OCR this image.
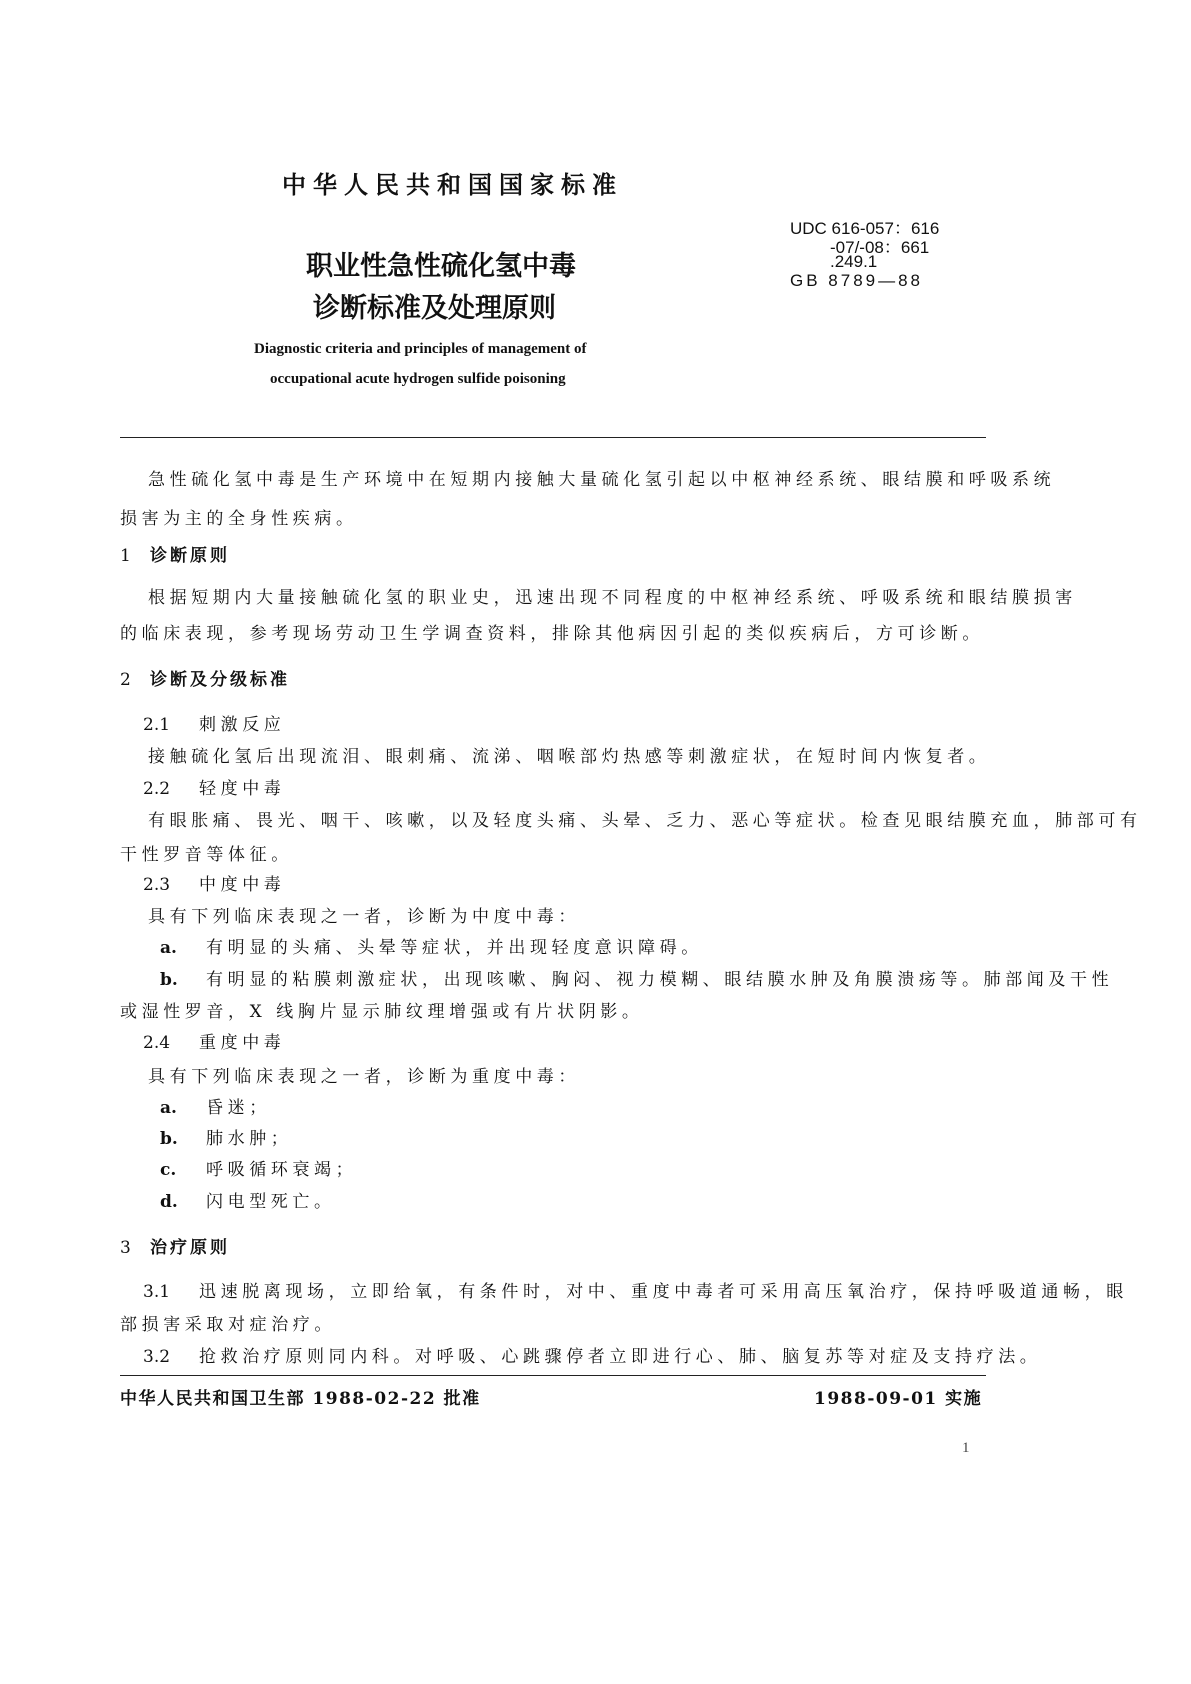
中华人民共和国国家标准
UDC 616-057：616
-07/-08：661
.249.1
GB 8789—88
职业性急性硫化氢中毒
诊断标准及处理原则
Diagnostic criteria and principles of management of
occupational acute hydrogen sulfide poisoning
急性硫化氢中毒是生产环境中在短期内接触大量硫化氢引起以中枢神经系统、眼结膜和呼吸系统
损害为主的全身性疾病。
1 诊断原则
根据短期内大量接触硫化氢的职业史，迅速出现不同程度的中枢神经系统、呼吸系统和眼结膜损害
的临床表现，参考现场劳动卫生学调查资料，排除其他病因引起的类似疾病后，方可诊断。
2 诊断及分级标准
2.1 刺激反应
接触硫化氢后出现流泪、眼刺痛、流涕、咽喉部灼热感等刺激症状，在短时间内恢复者。
2.2 轻度中毒
有眼胀痛、畏光、咽干、咳嗽，以及轻度头痛、头晕、乏力、恶心等症状。检查见眼结膜充血，肺部可有
干性罗音等体征。
2.3 中度中毒
具有下列临床表现之一者，诊断为中度中毒：
a. 有明显的头痛、头晕等症状，并出现轻度意识障碍。
b. 有明显的粘膜刺激症状，出现咳嗽、胸闷、视力模糊、眼结膜水肿及角膜溃疡等。肺部闻及干性
或湿性罗音，X 线胸片显示肺纹理增强或有片状阴影。
2.4 重度中毒
具有下列临床表现之一者，诊断为重度中毒：
a. 昏迷；
b. 肺水肿；
c. 呼吸循环衰竭；
d. 闪电型死亡。
3 治疗原则
3.1 迅速脱离现场，立即给氧，有条件时，对中、重度中毒者可采用高压氧治疗，保持呼吸道通畅，眼
部损害采取对症治疗。
3.2 抢救治疗原则同内科。对呼吸、心跳骤停者立即进行心、肺、脑复苏等对症及支持疗法。
中华人民共和国卫生部 1988-02-22 批准	1988-09-01 实施
1
